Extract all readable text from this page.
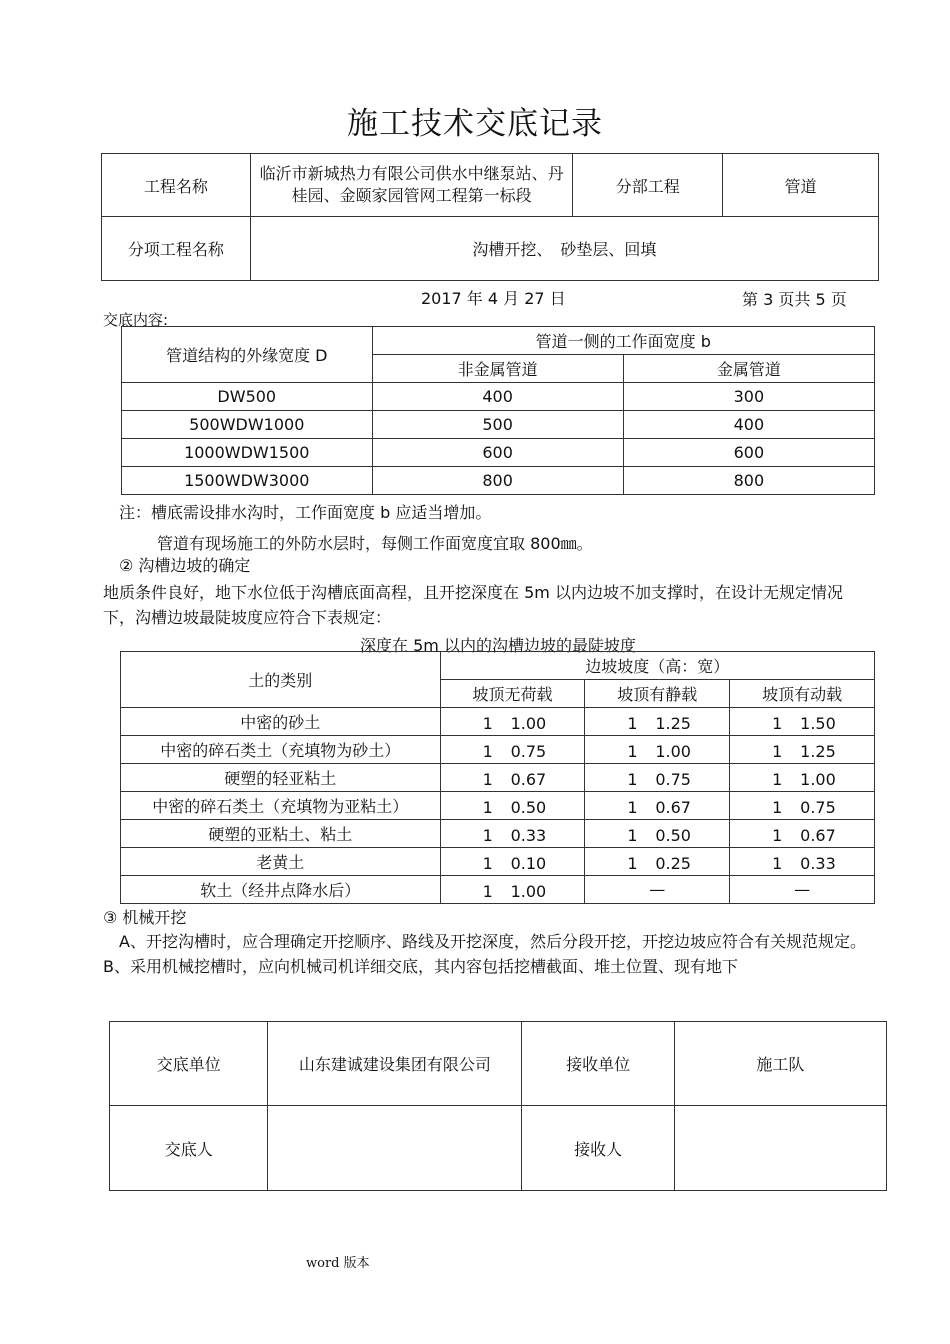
施工技术交底记录
工程名称	临沂市新城热力有限公司供水中继泵站、丹桂园、金颐家园管网工程第一标段	分部工程	管道
分项工程名称	沟槽开挖、　砂垫层、回填		
2017 年 4 月 27 日	第 3 页共 5 页
交底内容:
管道结构的外缘宽度 D	管道一侧的工作面宽度 b	
	非金属管道	金属管道
DW500	400	300
500WDW1000	500	400
1000WDW1500	600	600
1500WDW3000	800	800
注：槽底需设排水沟时，工作面宽度 b 应适当增加。
管道有现场施工的外防水层时，每侧工作面宽度宜取 800㎜。
② 沟槽边坡的确定
地质条件良好，地下水位低于沟槽底面高程，且开挖深度在 5m 以内边坡不加支撑时，在设计无规定情况
下，沟槽边坡最陡坡度应符合下表规定：
深度在 5m 以内的沟槽边坡的最陡坡度
土的类别	边坡坡度（高：宽）		
	坡顶无荷载	坡顶有静载	坡顶有动载
中密的砂土	1 1.00	1 1.25	1 1.50

中密的碎石类土（充填物为砂土）	1 0.75	1 1.00	1 1.25

硬塑的轻亚粘土	1 0.67	1 0.75	1 1.00

中密的碎石类土（充填物为亚粘土）	1 0.50	1 0.67	1 0.75

硬塑的亚粘土、粘土	1 0.33	1 0.50	1 0.67

老黄土	1 0.10	1 0.25	1 0.33

软土（经井点降水后）	1 1.00	—	—
③ 机械开挖
A、开挖沟槽时，应合理确定开挖顺序、路线及开挖深度，然后分段开挖，开挖边坡应符合有关规范规定。
B、采用机械挖槽时，应向机械司机详细交底，其内容包括挖槽截面、堆土位置、现有地下
交底单位	山东建诚建设集团有限公司	接收单位	施工队
交底人		接收人	
word 版本
